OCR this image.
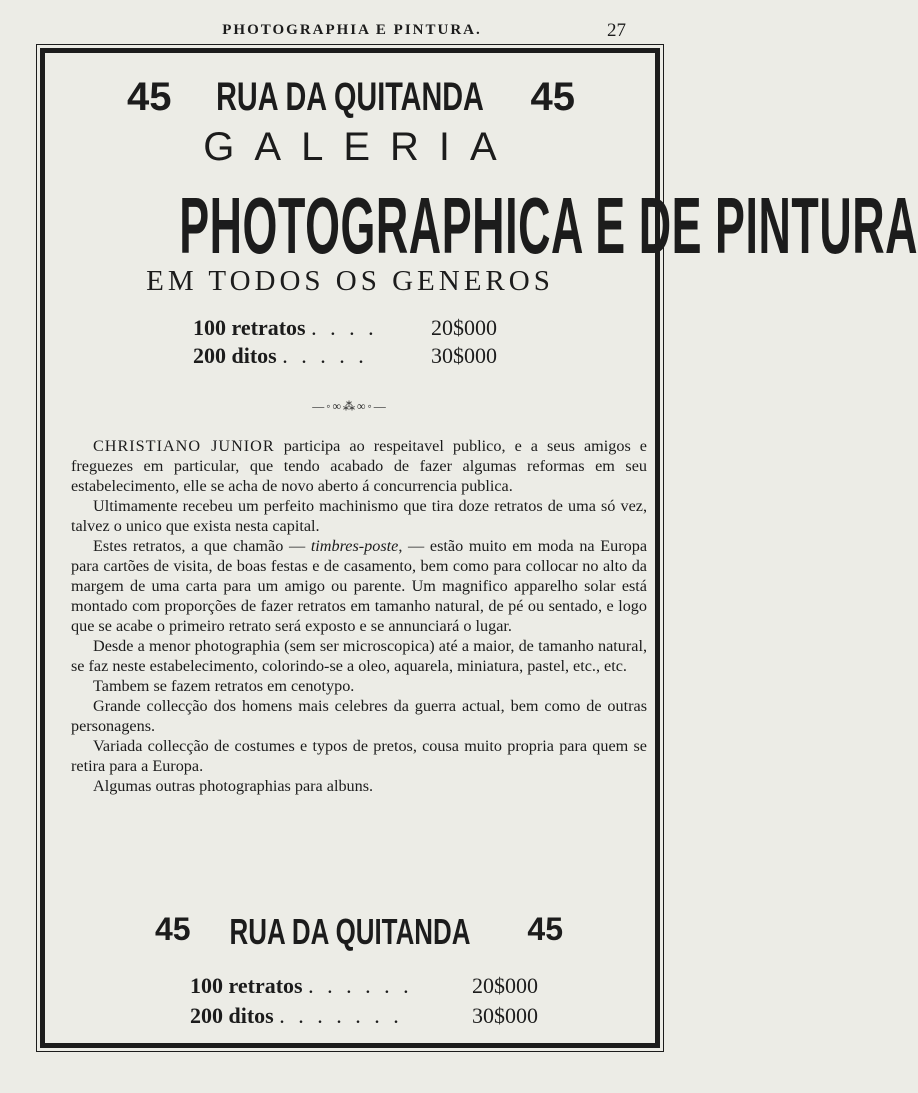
PHOTOGRAPHIA E PINTURA.	27
45	RUA DA QUITANDA	45
GALERIA
PHOTOGRAPHICA E DE PINTURA
EM TODOS OS GENEROS
100 retratos . . . . 20$000
200 ditos . . . . .	30$000
—◦∞⁂∞◦—

CHRISTIANO JUNIOR participa ao respeitavel publico, e a seus amigos e freguezes em particular, que tendo acabado de fazer algumas reformas em seu estabelecimento, elle se acha de novo aberto á concurrencia publica.

Ultimamente recebeu um perfeito machinismo que tira doze retratos de uma só vez, talvez o unico que exista nesta capital.

Estes retratos, a que chamão — timbres-poste, — estão muito em moda na Europa para cartões de visita, de boas festas e de casamento, bem como para collocar no alto da margem de uma carta para um amigo ou parente. Um magnifico apparelho solar está montado com proporções de fazer retratos em tamanho natural, de pé ou sentado, e logo que se acabe o primeiro retrato será exposto e se annunciará o lugar.

Desde a menor photographia (sem ser microscopica) até a maior, de tamanho natural, se faz neste estabelecimento, colorindo-se a oleo, aquarela, miniatura, pastel, etc., etc.

Tambem se fazem retratos em cenotypo.

Grande collecção dos homens mais celebres da guerra actual, bem como de outras personagens.

Variada collecção de costumes e typos de pretos, cousa muito propria para quem se retira para a Europa.

Algumas outras photographias para albuns.

45	RUA DA QUITANDA	45
100 retratos . . . . . .	20$000
200 ditos . . . . . . .	30$000
